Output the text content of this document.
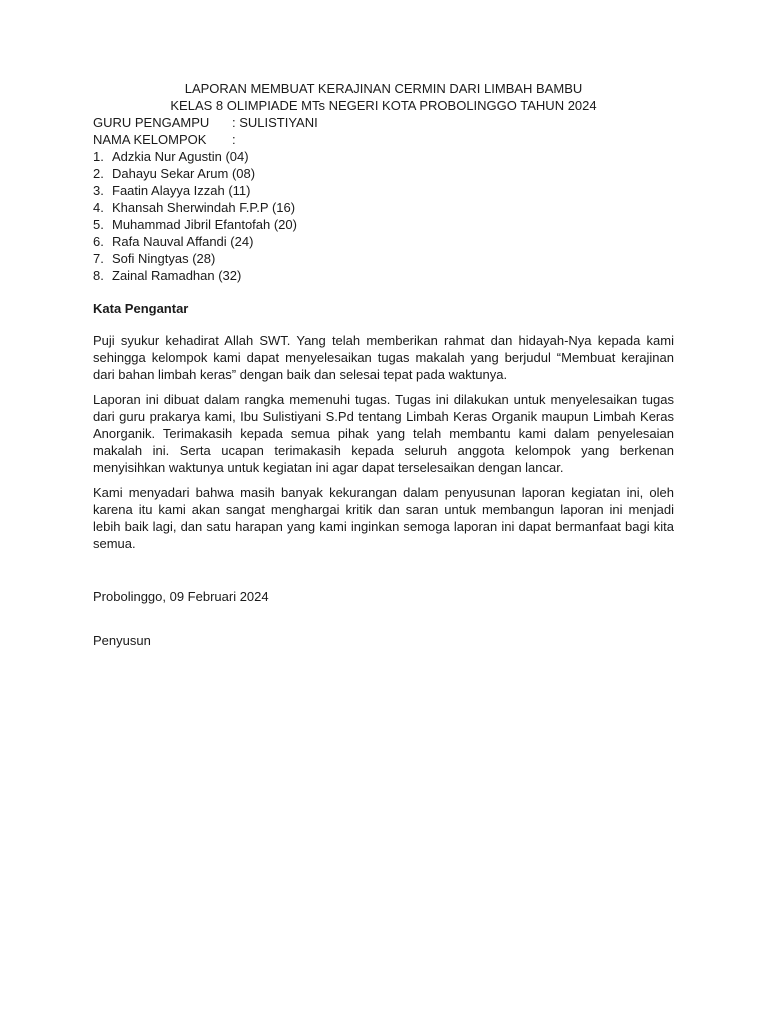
LAPORAN MEMBUAT KERAJINAN CERMIN DARI LIMBAH BAMBU

KELAS 8 OLIMPIADE MTs NEGERI KOTA PROBOLINGGO TAHUN 2024

GURU PENGAMPU	: SULISTIYANI
NAMA KELOMPOK	:
1. Adzkia Nur Agustin (04)
2. Dahayu Sekar Arum (08)
3. Faatin Alayya Izzah (11)
4. Khansah Sherwindah F.P.P (16)
5. Muhammad Jibril Efantofah (20)
6. Rafa Nauval Affandi (24)
7. Sofi Ningtyas (28)
8. Zainal Ramadhan (32)

Kata Pengantar

Puji syukur kehadirat Allah SWT. Yang telah memberikan rahmat dan hidayah-Nya kepada kami sehingga kelompok kami dapat menyelesaikan tugas makalah yang berjudul “Membuat kerajinan dari bahan limbah keras” dengan baik dan selesai tepat pada waktunya.

Laporan ini dibuat dalam rangka memenuhi tugas. Tugas ini dilakukan untuk menyelesaikan tugas dari guru prakarya kami, Ibu Sulistiyani S.Pd tentang Limbah Keras Organik maupun Limbah Keras Anorganik. Terimakasih kepada semua pihak yang telah membantu kami dalam penyelesaian makalah ini. Serta ucapan terimakasih kepada seluruh anggota kelompok yang berkenan menyisihkan waktunya untuk kegiatan ini agar dapat terselesaikan dengan lancar.

Kami menyadari bahwa masih banyak kekurangan dalam penyusunan laporan kegiatan ini, oleh karena itu kami akan sangat menghargai kritik dan saran untuk membangun laporan ini menjadi lebih baik lagi, dan satu harapan yang kami inginkan semoga laporan ini dapat bermanfaat bagi kita semua.

Probolinggo, 09 Februari 2024

Penyusun
